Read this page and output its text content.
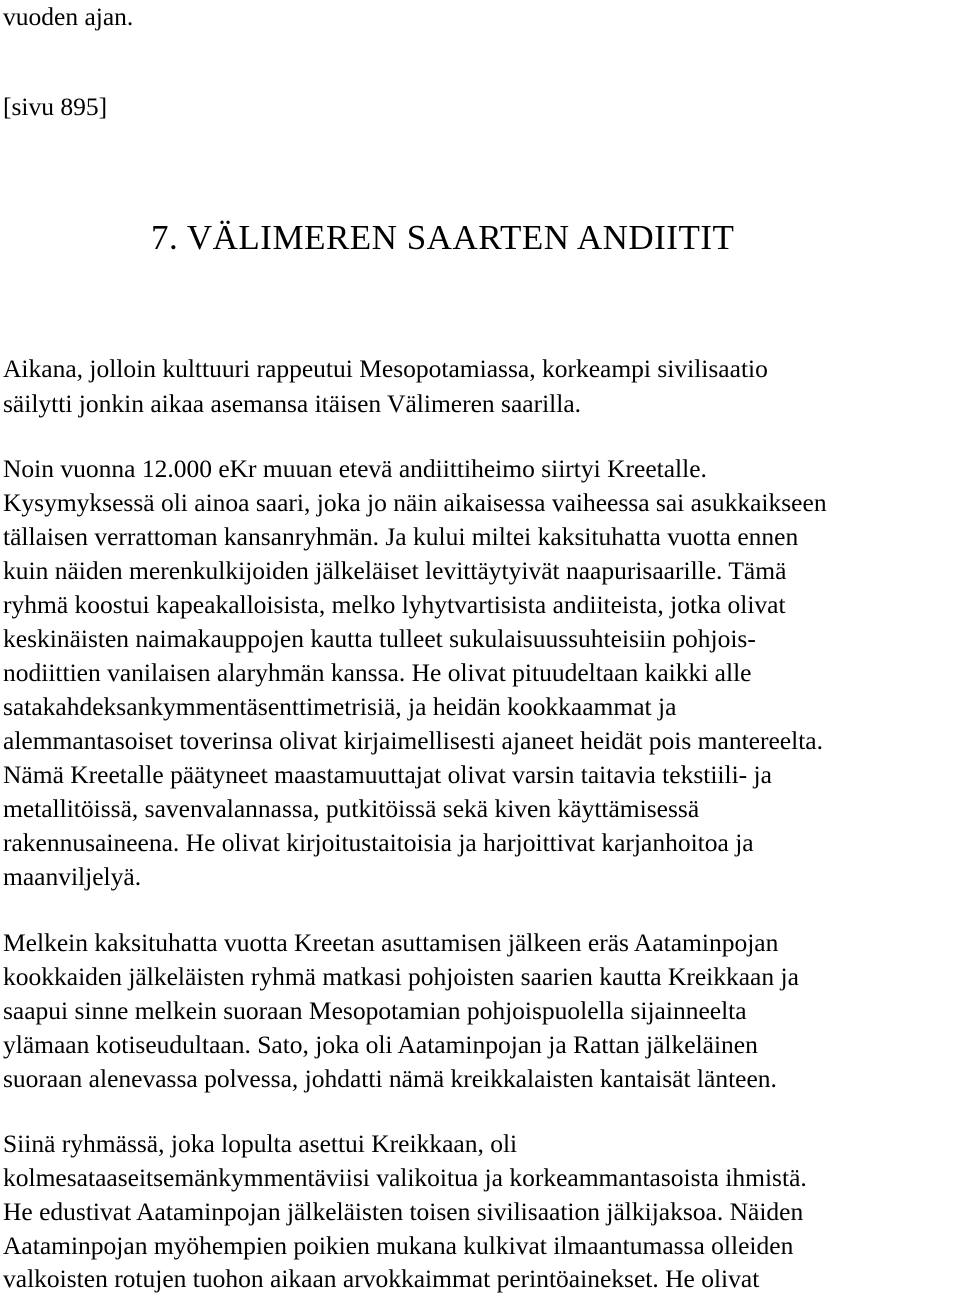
vuoden ajan.

[sivu 895]

7. VÄLIMEREN SAARTEN ANDIITIT

Aikana, jolloin kulttuuri rappeutui Mesopotamiassa, korkeampi sivilisaatio

säilytti jonkin aikaa asemansa itäisen Välimeren saarilla.

Noin vuonna 12.000 eKr muuan etevä andiittiheimo siirtyi Kreetalle.

Kysymyksessä oli ainoa saari, joka jo näin aikaisessa vaiheessa sai asukkaikseen

tällaisen verrattoman kansanryhmän. Ja kului miltei kaksituhatta vuotta ennen

kuin näiden merenkulkijoiden jälkeläiset levittäytyivät naapurisaarille. Tämä

ryhmä koostui kapeakalloisista, melko lyhytvartisista andiiteista, jotka olivat

keskinäisten naimakauppojen kautta tulleet sukulaisuussuhteisiin pohjois-

nodiittien vanilaisen alaryhmän kanssa. He olivat pituudeltaan kaikki alle

satakahdeksankymmentäsenttimetrisiä, ja heidän kookkaammat ja

alemmantasoiset toverinsa olivat kirjaimellisesti ajaneet heidät pois mantereelta.

Nämä Kreetalle päätyneet maastamuuttajat olivat varsin taitavia tekstiili- ja

metallitöissä, savenvalannassa, putkitöissä sekä kiven käyttämisessä

rakennusaineena. He olivat kirjoitustaitoisia ja harjoittivat karjanhoitoa ja

maanviljelyä.

Melkein kaksituhatta vuotta Kreetan asuttamisen jälkeen eräs Aataminpojan

kookkaiden jälkeläisten ryhmä matkasi pohjoisten saarien kautta Kreikkaan ja

saapui sinne melkein suoraan Mesopotamian pohjoispuolella sijainneelta

ylämaan kotiseudultaan. Sato, joka oli Aataminpojan ja Rattan jälkeläinen

suoraan alenevassa polvessa, johdatti nämä kreikkalaisten kantaisät länteen.

Siinä ryhmässä, joka lopulta asettui Kreikkaan, oli

kolmesataaseitsemänkymmentäviisi valikoitua ja korkeammantasoista ihmistä.

He edustivat Aataminpojan jälkeläisten toisen sivilisaation jälkijaksoa. Näiden

Aataminpojan myöhempien poikien mukana kulkivat ilmaantumassa olleiden

valkoisten rotujen tuohon aikaan arvokkaimmat perintöainekset. He olivat
